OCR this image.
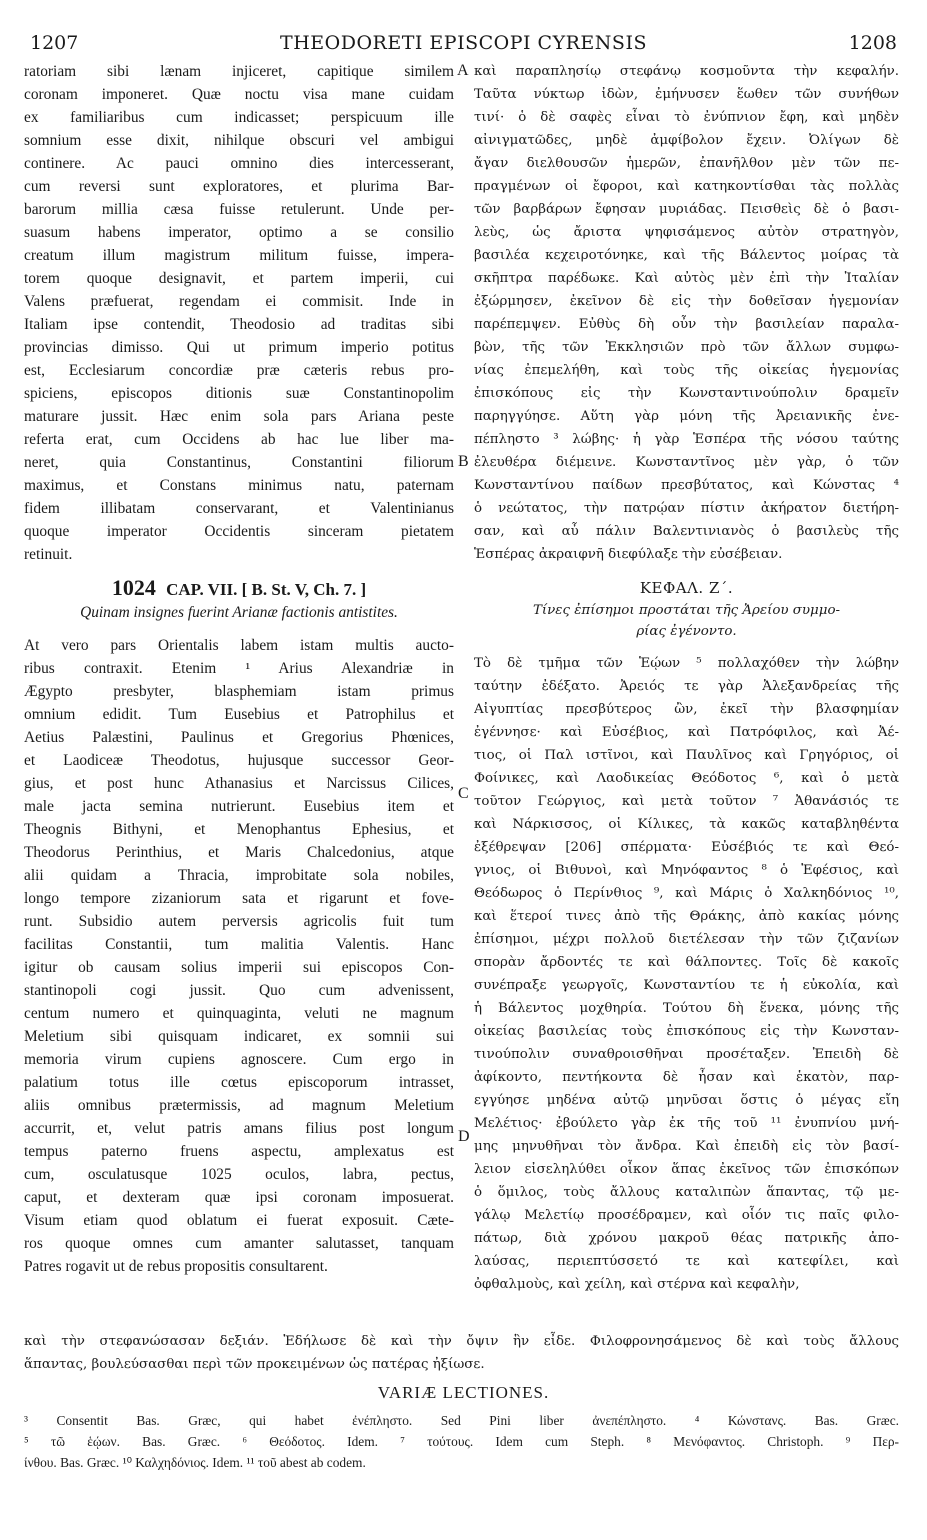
1207	THEODORETI EPISCOPI CYRENSIS	1208
ratoriam sibi lænam injiceret, capitique similem
coronam imponeret. Quæ noctu visa mane cuidam
ex familiaribus cum indicasset; perspicuum ille
somnium esse dixit, nihilque obscuri vel ambigui
continere. Ac pauci omnino dies intercesserant,
cum reversi sunt exploratores, et plurima Bar-
barorum millia cæsa fuisse retulerunt. Unde per-
suasum habens imperator, optimo a se consilio
creatum illum magistrum militum fuisse, impera-
torem quoque designavit, et partem imperii, cui
Valens præfuerat, regendam ei commisit. Inde in
Italiam ipse contendit, Theodosio ad traditas sibi
provincias dimisso. Qui ut primum imperio potitus
est, Ecclesiarum concordiæ præ cæteris rebus pro-
spiciens, episcopos ditionis suæ Constantinopolim
maturare jussit. Hæc enim sola pars Ariana peste
referta erat, cum Occidens ab hac lue liber ma-
neret, quia Constantinus, Constantini filiorum
maximus, et Constans minimus natu, paternam
fidem illibatam conservarant, et Valentinianus
quoque imperator Occidentis sinceram pietatem
retinuit.
1024 CAP. VII. [ B. St. V, Ch. 7. ]
Quinam insignes fuerint Arianæ factionis antistites.
At vero pars Orientalis labem istam multis aucto-
ribus contraxit. Etenim ¹ Arius Alexandriæ in
Ægypto presbyter, blasphemiam istam primus
omnium edidit. Tum Eusebius et Patrophilus et
Aetius Palæstini, Paulinus et Gregorius Phœnices,
et Laodiceæ Theodotus, hujusque successor Geor-
gius, et post hunc Athanasius et Narcissus Cilices,
male jacta semina nutrierunt. Eusebius item et
Theognis Bithyni, et Menophantus Ephesius, et
Theodorus Perinthius, et Maris Chalcedonius, atque
alii quidam a Thracia, improbitate sola nobiles,
longo tempore zizaniorum sata et rigarunt et fove-
runt. Subsidio autem perversis agricolis fuit tum
facilitas Constantii, tum malitia Valentis. Hanc
igitur ob causam solius imperii sui episcopos Con-
stantinopoli cogi jussit. Quo cum advenissent,
centum numero et quinquaginta, veluti ne magnum
Meletium sibi quisquam indicaret, ex somnii sui
memoria virum cupiens agnoscere. Cum ergo in
palatium totus ille cœtus episcoporum intrasset,
aliis omnibus prætermissis, ad magnum Meletium
accurrit, et, velut patris amans filius post longum
tempus paterno fruens aspectu, amplexatus est
cum, osculatusque 1025 oculos, labra, pectus,
caput, et dexteram quæ ipsi coronam imposuerat.
Visum etiam quod oblatum ei fuerat exposuit. Cæte-
ros quoque omnes cum amanter salutasset, tanquam
Patres rogavit ut de rebus propositis consultarent.
καὶ παραπλησίῳ στεφάνῳ κοσμοῦντα τὴν κεφαλήν.
Ταῦτα νύκτωρ ἰδὼν, ἐμήνυσεν ἕωθεν τῶν συνήθων
τινί· ὁ δὲ σαφὲς εἶναι τὸ ἐνύπνιον ἔφη, καὶ μηδὲν
αἰνιγματῶδες, μηδὲ ἀμφίβολον ἔχειν. Ὀλίγων δὲ
ἄγαν διελθουσῶν ἡμερῶν, ἐπανῆλθον μὲν τῶν πε-
πραγμένων οἱ ἔφοροι, καὶ κατηκοντίσθαι τὰς πολλὰς
τῶν βαρβάρων ἔφησαν μυριάδας. Πεισθεὶς δὲ ὁ βασι-
λεὺς, ὡς ἄριστα ψηφισάμενος αὐτὸν στρατηγὸν,
βασιλέα κεχειροτόνηκε, καὶ τῆς Βάλεντος μοίρας τὰ
σκῆπτρα παρέδωκε. Καὶ αὐτὸς μὲν ἐπὶ τὴν Ἰταλίαν
ἐξώρμησεν, ἐκεῖνον δὲ εἰς τὴν δοθεῖσαν ἡγεμονίαν
παρέπεμψεν. Εὐθὺς δὴ οὖν τὴν βασιλείαν παραλα-
βὼν, τῆς τῶν Ἐκκλησιῶν πρὸ τῶν ἄλλων συμφω-
νίας ἐπεμελήθη, καὶ τοὺς τῆς οἰκείας ἡγεμονίας
ἐπισκόπους εἰς τὴν Κωνσταντινούπολιν δραμεῖν
παρηγγύησε. Αὕτη γὰρ μόνη τῆς Ἀρειανικῆς ἐνε-
πέπληστο ³ λώβης· ἡ γὰρ Ἑσπέρα τῆς νόσου ταύτης
ἐλευθέρα διέμεινε. Κωνσταντῖνος μὲν γὰρ, ὁ τῶν
Κωνσταντίνου παίδων πρεσβύτατος, καὶ Κώνστας ⁴
ὁ νεώτατος, τὴν πατρῴαν πίστιν ἀκήρατον διετήρη-
σαν, καὶ αὖ πάλιν Βαλεντινιανὸς ὁ βασιλεὺς τῆς
Ἑσπέρας ἀκραιφνῆ διεφύλαξε τὴν εὐσέβειαν.
ΚΕΦΑΛ. Ζ΄.
Τίνες ἐπίσημοι προστάται τῆς Ἀρείου συμμο-
ρίας ἐγένοντο.
Τὸ δὲ τμῆμα τῶν Ἑῴων ⁵ πολλαχόθεν τὴν λώβην
ταύτην ἐδέξατο. Ἀρειός τε γὰρ Ἀλεξανδρείας τῆς
Αἰγυπτίας πρεσβύτερος ὢν, ἐκεῖ τὴν βλασφημίαν
ἐγέννησε· καὶ Εὐσέβιος, καὶ Πατρόφιλος, καὶ Ἀέ-
τιος, οἱ Παλ ιστῖνοι, καὶ Παυλῖνος καὶ Γρηγόριος, οἱ
Φοίνικες, καὶ Λαοδικείας Θεόδοτος ⁶, καὶ ὁ μετὰ
τοῦτον Γεώργιος, καὶ μετὰ τοῦτον ⁷ Ἀθανάσιός τε
καὶ Νάρκισσος, οἱ Κίλικες, τὰ κακῶς καταβληθέντα
ἐξέθρεψαν [206] σπέρματα· Εὐσέβιός τε καὶ Θεό-
γνιος, οἱ Βιθυνοὶ, καὶ Μηνόφαντος ⁸ ὁ Ἐφέσιος, καὶ
Θεόδωρος ὁ Περίνθιος ⁹, καὶ Μάρις ὁ Χαλκηδόνιος ¹⁰,
καὶ ἕτεροί τινες ἀπὸ τῆς Θράκης, ἀπὸ κακίας μόνης
ἐπίσημοι, μέχρι πολλοῦ διετέλεσαν τὴν τῶν ζιζανίων
σπορὰν ἄρδοντές τε καὶ θάλποντες. Τοῖς δὲ κακοῖς
συνέπραξε γεωργοῖς, Κωνσταντίου τε ἡ εὐκολία, καὶ
ἡ Βάλεντος μοχθηρία. Τούτου δὴ ἕνεκα, μόνης τῆς
οἰκείας βασιλείας τοὺς ἐπισκόπους εἰς τὴν Κωνσταν-
τινούπολιν συναθροισθῆναι προσέταξεν. Ἐπειδὴ δὲ
ἀφίκοντο, πεντήκοντα δὲ ἦσαν καὶ ἑκατὸν, παρ-
εγγύησε μηδένα αὐτῷ μηνῦσαι ὅστις ὁ μέγας εἴη
Μελέτιος· ἐβούλετο γὰρ ἐκ τῆς τοῦ ¹¹ ἐνυπνίου μνή-
μης μηνυθῆναι τὸν ἄνδρα. Καὶ ἐπειδὴ εἰς τὸν βασί-
λειον εἰσεληλύθει οἶκον ἅπας ἐκεῖνος τῶν ἐπισκόπων
ὁ ὅμιλος, τοὺς ἄλλους καταλιπὼν ἅπαντας, τῷ με-
γάλῳ Μελετίῳ προσέδραμεν, καὶ οἷόν τις παῖς φιλο-
πάτωρ, διὰ χρόνου μακροῦ θέας πατρικῆς ἀπο-
λαύσας, περιεπτύσσετό τε καὶ κατεφίλει, καὶ
ὀφθαλμοὺς, καὶ χείλη, καὶ στέρνα καὶ κεφαλὴν,
A
B
C
D
καὶ τὴν στεφανώσασαν δεξιάν. Ἐδήλωσε δὲ καὶ τὴν ὄψιν ἣν εἶδε. Φιλοφρονησάμενος δὲ καὶ τοὺς ἄλλους
ἅπαντας, βουλεύσασθαι περὶ τῶν προκειμένων ὡς πατέρας ἠξίωσε.
VARIÆ LECTIONES.
³ Consentit Bas. Græc, qui habet ἐνέπληστο. Sed Pini liber ἀνεπέπληστο. ⁴ Κώνστανς. Bas. Græc.
⁵ τῶ ἑῴων. Bas. Græc. ⁶ Θεόδοτος. Idem. ⁷ τούτους. Idem cum Steph. ⁸ Μενόφαντος. Christoph. ⁹ Περ-
ίνθου. Bas. Græc. ¹⁰ Καλχηδόνιος. Idem. ¹¹ τοῦ abest ab codem.
